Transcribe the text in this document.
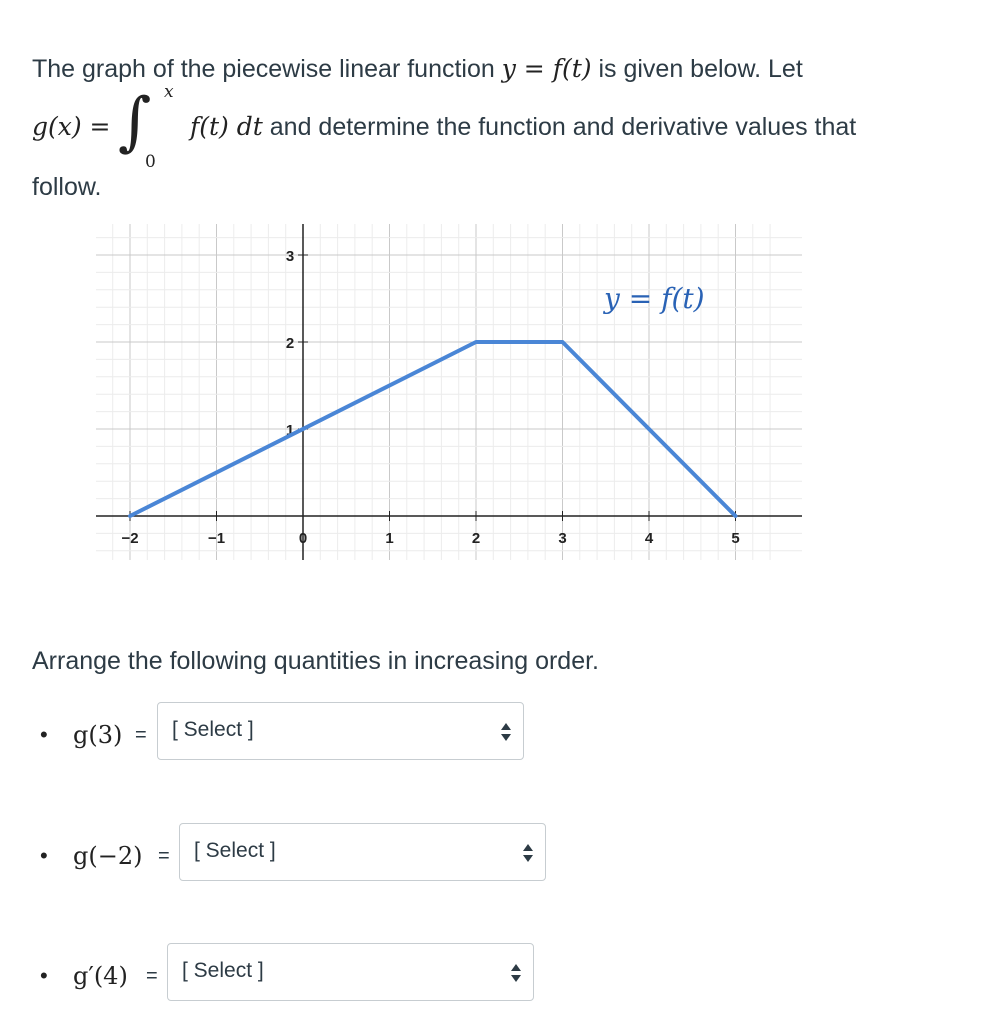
The graph of the piecewise linear function y = f(t) is given below. Let
g(x) = ∫ x
0
f(t) dt and determine the function and derivative values that
follow.
−2	−1	0	1	2	3	4	5
1
2
3
y = f(t)
Arrange the following quantities in increasing order.
• g(3) = [ Select ]
• g(−2) = [ Select ]
• g′(4) = [ Select ]
